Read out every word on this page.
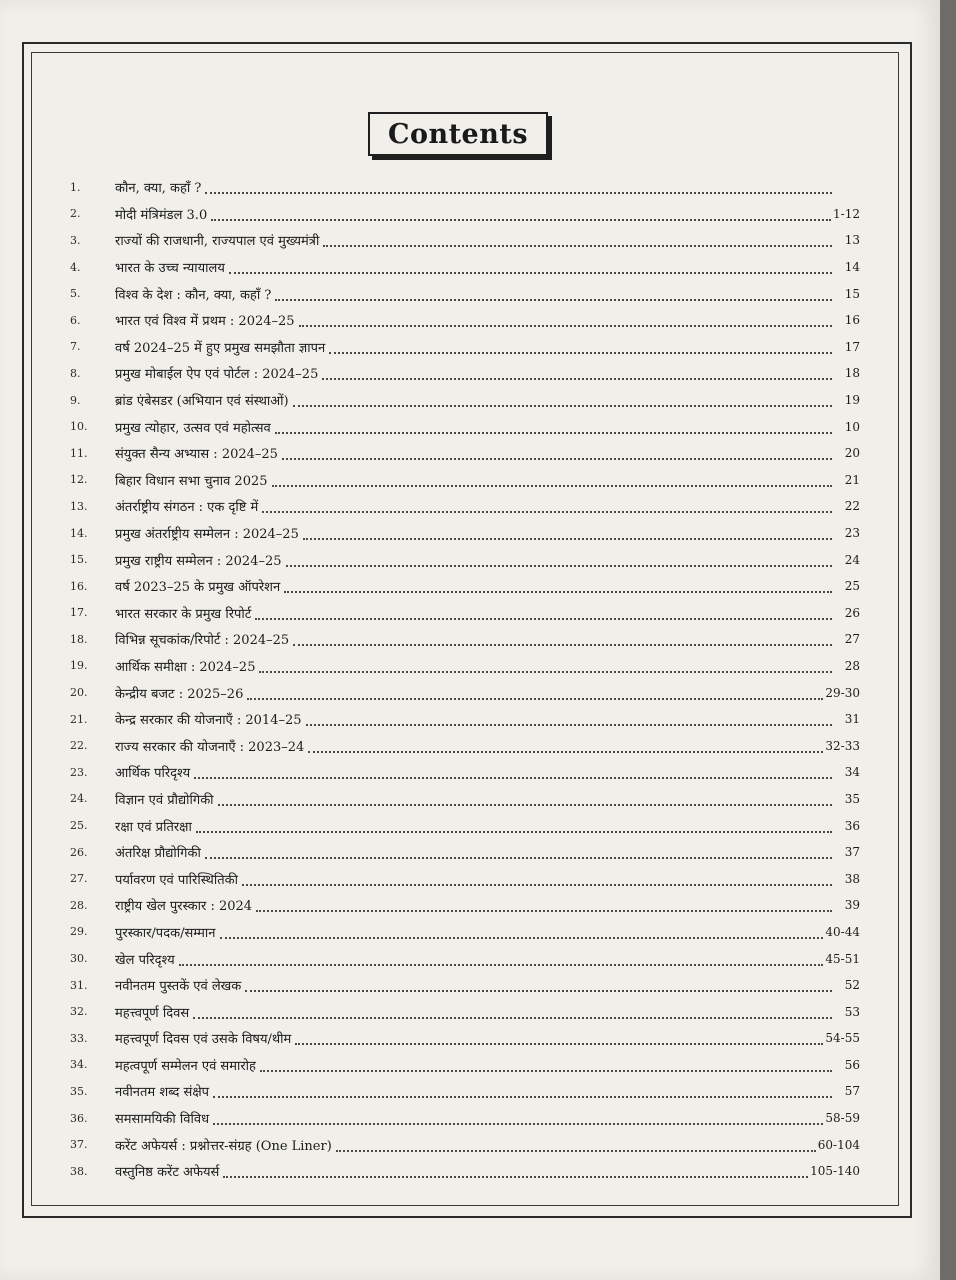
Contents
1.	कौन, क्या, कहाँ ?
2.	मोदी मंत्रिमंडल 3.0	1-12
3.	राज्यों की राजधानी, राज्यपाल एवं मुख्यमंत्री	13
4.	भारत के उच्च न्यायालय	14
5.	विश्व के देश : कौन, क्या, कहाँ ?	15
6.	भारत एवं विश्व में प्रथम : 2024–25	16
7.	वर्ष 2024–25 में हुए प्रमुख समझौता ज्ञापन	17
8.	प्रमुख मोबाईल ऐप एवं पोर्टल : 2024–25	18
9.	ब्रांड एंबेसडर (अभियान एवं संस्थाओं)	19
10.	प्रमुख त्योहार, उत्सव एवं महोत्सव	10
11.	संयुक्त सैन्य अभ्यास : 2024–25	20
12.	बिहार विधान सभा चुनाव 2025	21
13.	अंतर्राष्ट्रीय संगठन : एक दृष्टि में	22
14.	प्रमुख अंतर्राष्ट्रीय सम्मेलन : 2024–25	23
15.	प्रमुख राष्ट्रीय सम्मेलन : 2024–25	24
16.	वर्ष 2023–25 के प्रमुख ऑपरेशन	25
17.	भारत सरकार के प्रमुख रिपोर्ट	26
18.	विभिन्न सूचकांक/रिपोर्ट : 2024–25	27
19.	आर्थिक समीक्षा : 2024–25	28
20.	केन्द्रीय बजट : 2025–26	29-30
21.	केन्द्र सरकार की योजनाएँ : 2014–25	31
22.	राज्य सरकार की योजनाएँ : 2023–24	32-33
23.	आर्थिक परिदृश्य	34
24.	विज्ञान एवं प्रौद्योगिकी	35
25.	रक्षा एवं प्रतिरक्षा	36
26.	अंतरिक्ष प्रौद्योगिकी	37
27.	पर्यावरण एवं पारिस्थितिकी	38
28.	राष्ट्रीय खेल पुरस्कार : 2024	39
29.	पुरस्कार/पदक/सम्मान	40-44
30.	खेल परिदृश्य	45-51
31.	नवीनतम पुस्तकें एवं लेखक	52
32.	महत्त्वपूर्ण दिवस	53
33.	महत्त्वपूर्ण दिवस एवं उसके विषय/थीम	54-55
34.	महत्वपूर्ण सम्मेलन एवं समारोह	56
35.	नवीनतम शब्द संक्षेप	57
36.	समसामयिकी विविध	58-59
37.	करेंट अफेयर्स : प्रश्नोत्तर-संग्रह (One Liner)	60-104
38.	वस्तुनिष्ठ करेंट अफेयर्स	105-140
